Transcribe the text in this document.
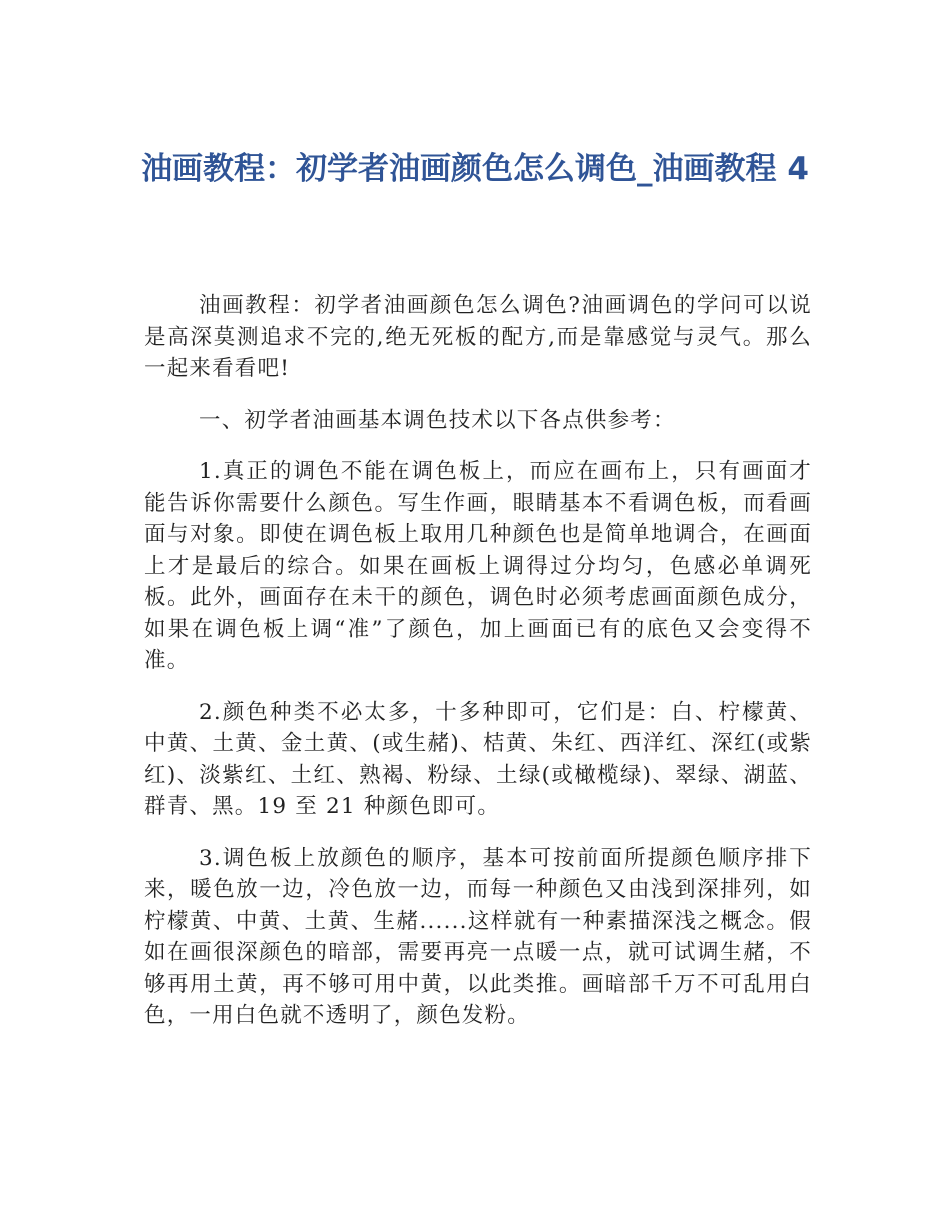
油画教程：初学者油画颜色怎么调色_油画教程 4

油画教程：初学者油画颜色怎么调色?油画调色的学问可以说是高深莫测追求不完的,绝无死板的配方,而是靠感觉与灵气。那么一起来看看吧!

一、初学者油画基本调色技术以下各点供参考：

1.真正的调色不能在调色板上，而应在画布上，只有画面才能告诉你需要什么颜色。写生作画，眼睛基本不看调色板，而看画面与对象。即使在调色板上取用几种颜色也是简单地调合，在画面上才是最后的综合。如果在画板上调得过分均匀，色感必单调死板。此外，画面存在未干的颜色，调色时必须考虑画面颜色成分，如果在调色板上调“准”了颜色，加上画面已有的底色又会变得不准。

2.颜色种类不必太多，十多种即可，它们是：白、柠檬黄、中黄、土黄、金土黄、(或生赭)、桔黄、朱红、西洋红、深红(或紫红)、淡紫红、土红、熟褐、粉绿、土绿(或橄榄绿)、翠绿、湖蓝、群青、黑。19 至 21 种颜色即可。

3.调色板上放颜色的顺序，基本可按前面所提颜色顺序排下来，暖色放一边，冷色放一边，而每一种颜色又由浅到深排列，如柠檬黄、中黄、土黄、生赭......这样就有一种素描深浅之概念。假如在画很深颜色的暗部，需要再亮一点暖一点，就可试调生赭，不够再用土黄，再不够可用中黄，以此类推。画暗部千万不可乱用白色，一用白色就不透明了，颜色发粉。
